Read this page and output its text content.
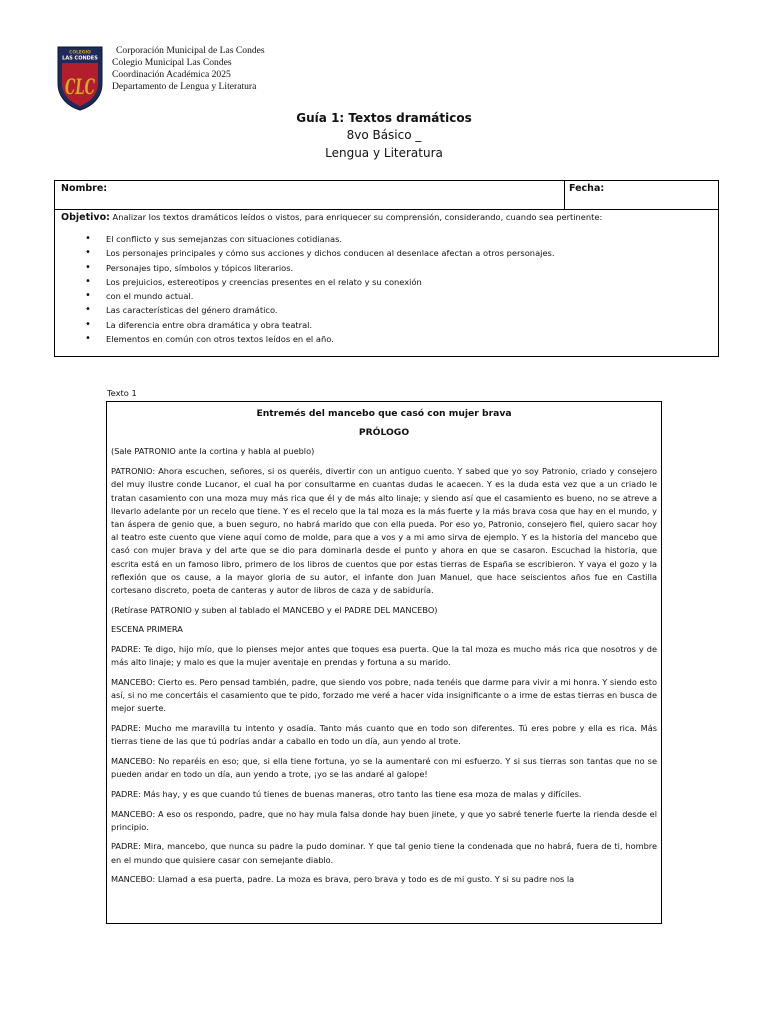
COLEGIO
LAS CONDES
CLC
Corporación Municipal de Las Condes
Colegio Municipal Las Condes
Coordinación Académica 2025
Departamento de Lengua y Literatura
Guía 1: Textos dramáticos
8vo Básico _
Lengua y Literatura
Nombre:	Fecha:
Objetivo: Analizar los textos dramáticos leídos o vistos, para enriquecer su comprensión, considerando, cuando sea pertinente:
• El conflicto y sus semejanzas con situaciones cotidianas.
• Los personajes principales y cómo sus acciones y dichos conducen al desenlace afectan a otros personajes.
• Personajes tipo, símbolos y tópicos literarios.
• Los prejuicios, estereotipos y creencias presentes en el relato y su conexión
• con el mundo actual.
• Las características del género dramático.
• La diferencia entre obra dramática y obra teatral.
• Elementos en común con otros textos leídos en el año.
Texto 1
Entremés del mancebo que casó con mujer brava
PRÓLOGO

(Sale PATRONIO ante la cortina y habla al pueblo)

PATRONIO: Ahora escuchen, señores, si os queréis, divertir con un antiguo cuento. Y sabed que yo soy Patronio, criado y consejero del muy ilustre conde Lucanor, el cual ha por consultarme en cuantas dudas le acaecen. Y es la duda esta vez que a un criado le tratan casamiento con una moza muy más rica que él y de más alto linaje; y siendo así que el casamiento es bueno, no se atreve a llevarlo adelante por un recelo que tiene. Y es el recelo que la tal moza es la más fuerte y la más brava cosa que hay en el mundo, y tan áspera de genio que, a buen seguro, no habrá marido que con ella pueda. Por eso yo, Patronio, consejero fiel, quiero sacar hoy al teatro este cuento que viene aquí como de molde, para que a vos y a mi amo sirva de ejemplo. Y es la historia del mancebo que casó con mujer brava y del arte que se dio para dominarla desde el punto y ahora en que se casaron. Escuchad la historia, que escrita está en un famoso libro, primero de los libros de cuentos que por estas tierras de España se escribieron. Y vaya el gozo y la reflexión que os cause, a la mayor gloria de su autor, el infante don Juan Manuel, que hace seiscientos años fue en Castilla cortesano discreto, poeta de canteras y autor de libros de caza y de sabiduría.

(Retírase PATRONIO y suben al tablado el MANCEBO y el PADRE DEL MANCEBO)

ESCENA PRIMERA

PADRE: Te digo, hijo mío, que lo pienses mejor antes que toques esa puerta. Que la tal moza es mucho más rica que nosotros y de más alto linaje; y malo es que la mujer aventaje en prendas y fortuna a su marido.

MANCEBO: Cierto es. Pero pensad también, padre, que siendo vos pobre, nada tenéis que darme para vivir a mi honra. Y siendo esto así, si no me concertáis el casamiento que te pido, forzado me veré a hacer vida insignificante o a irme de estas tierras en busca de mejor suerte.

PADRE: Mucho me maravilla tu intento y osadía. Tanto más cuanto que en todo son diferentes. Tú eres pobre y ella es rica. Más tierras tiene de las que tú podrías andar a caballo en todo un día, aun yendo al trote.

MANCEBO: No reparéis en eso; que, si ella tiene fortuna, yo se la aumentaré con mi esfuerzo. Y si sus tierras son tantas que no se pueden andar en todo un día, aun yendo a trote, ¡yo se las andaré al galope!

PADRE: Más hay, y es que cuando tú tienes de buenas maneras, otro tanto las tiene esa moza de malas y difíciles.

MANCEBO: A eso os respondo, padre, que no hay mula falsa donde hay buen jinete, y que yo sabré tenerle fuerte la rienda desde el principio.

PADRE: Mira, mancebo, que nunca su padre la pudo dominar. Y que tal genio tiene la condenada que no habrá, fuera de ti, hombre en el mundo que quisiere casar con semejante diablo.

MANCEBO: Llamad a esa puerta, padre. La moza es brava, pero brava y todo es de mi gusto. Y si su padre nos la
